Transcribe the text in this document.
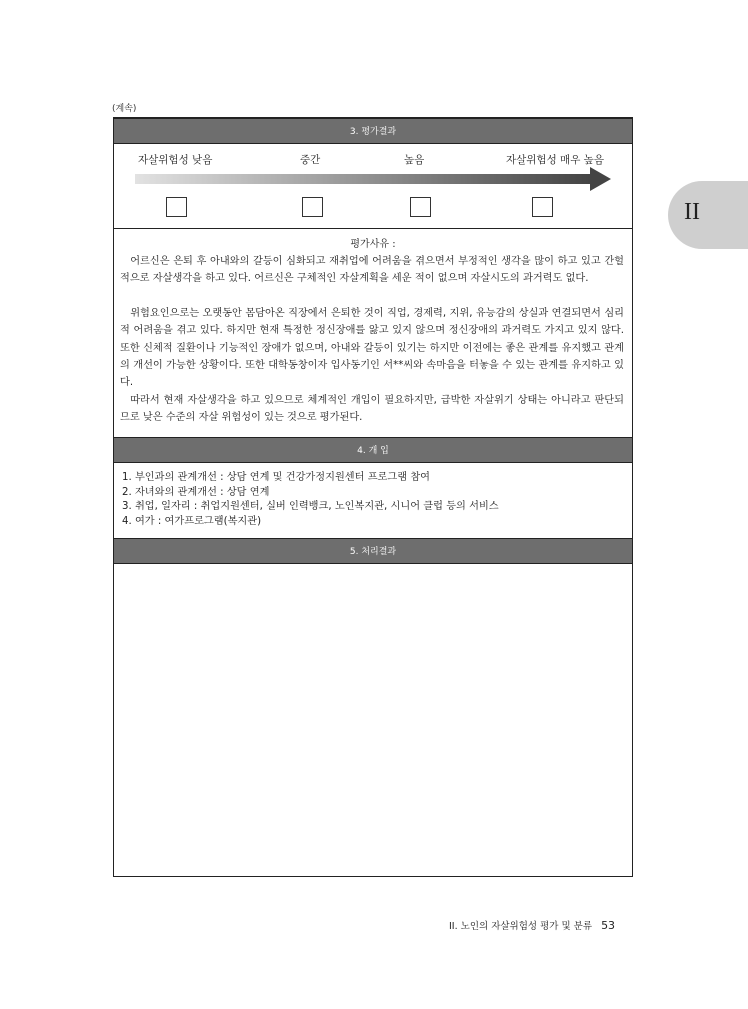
(계속)
II
3. 평가결과
자살위험성 낮음	중간	높음	자살위험성 매우 높음
평가사유 :

어르신은 은퇴 후 아내와의 갈등이 심화되고 재취업에 어려움을 겪으면서 부정적인 생각을 많이 하고 있고 간헐적으로 자살생각을 하고 있다. 어르신은 구체적인 자살계획을 세운 적이 없으며 자살시도의 과거력도 없다.

위험요인으로는 오랫동안 몸담아온 직장에서 은퇴한 것이 직업, 경제력, 지위, 유능감의 상실과 연결되면서 심리적 어려움을 겪고 있다. 하지만 현재 특정한 정신장애를 앓고 있지 않으며 정신장애의 과거력도 가지고 있지 않다. 또한 신체적 질환이나 기능적인 장애가 없으며, 아내와 갈등이 있기는 하지만 이전에는 좋은 관계를 유지했고 관계의 개선이 가능한 상황이다. 또한 대학동창이자 입사동기인 서**씨와 속마음을 터놓을 수 있는 관계를 유지하고 있다.

따라서 현재 자살생각을 하고 있으므로 체계적인 개입이 필요하지만, 급박한 자살위기 상태는 아니라고 판단되므로 낮은 수준의 자살 위험성이 있는 것으로 평가된다.

4. 개 입
1. 부인과의 관계개선 : 상담 연계 및 건강가정지원센터 프로그램 참여
2. 자녀와의 관계개선 : 상담 연계
3. 취업, 일자리 : 취업지원센터, 실버 인력뱅크, 노인복지관, 시니어 클럽 등의 서비스
4. 여가 : 여가프로그램(복지관)
5. 처리결과
II. 노인의 자살위험성 평가 및 분류 53
